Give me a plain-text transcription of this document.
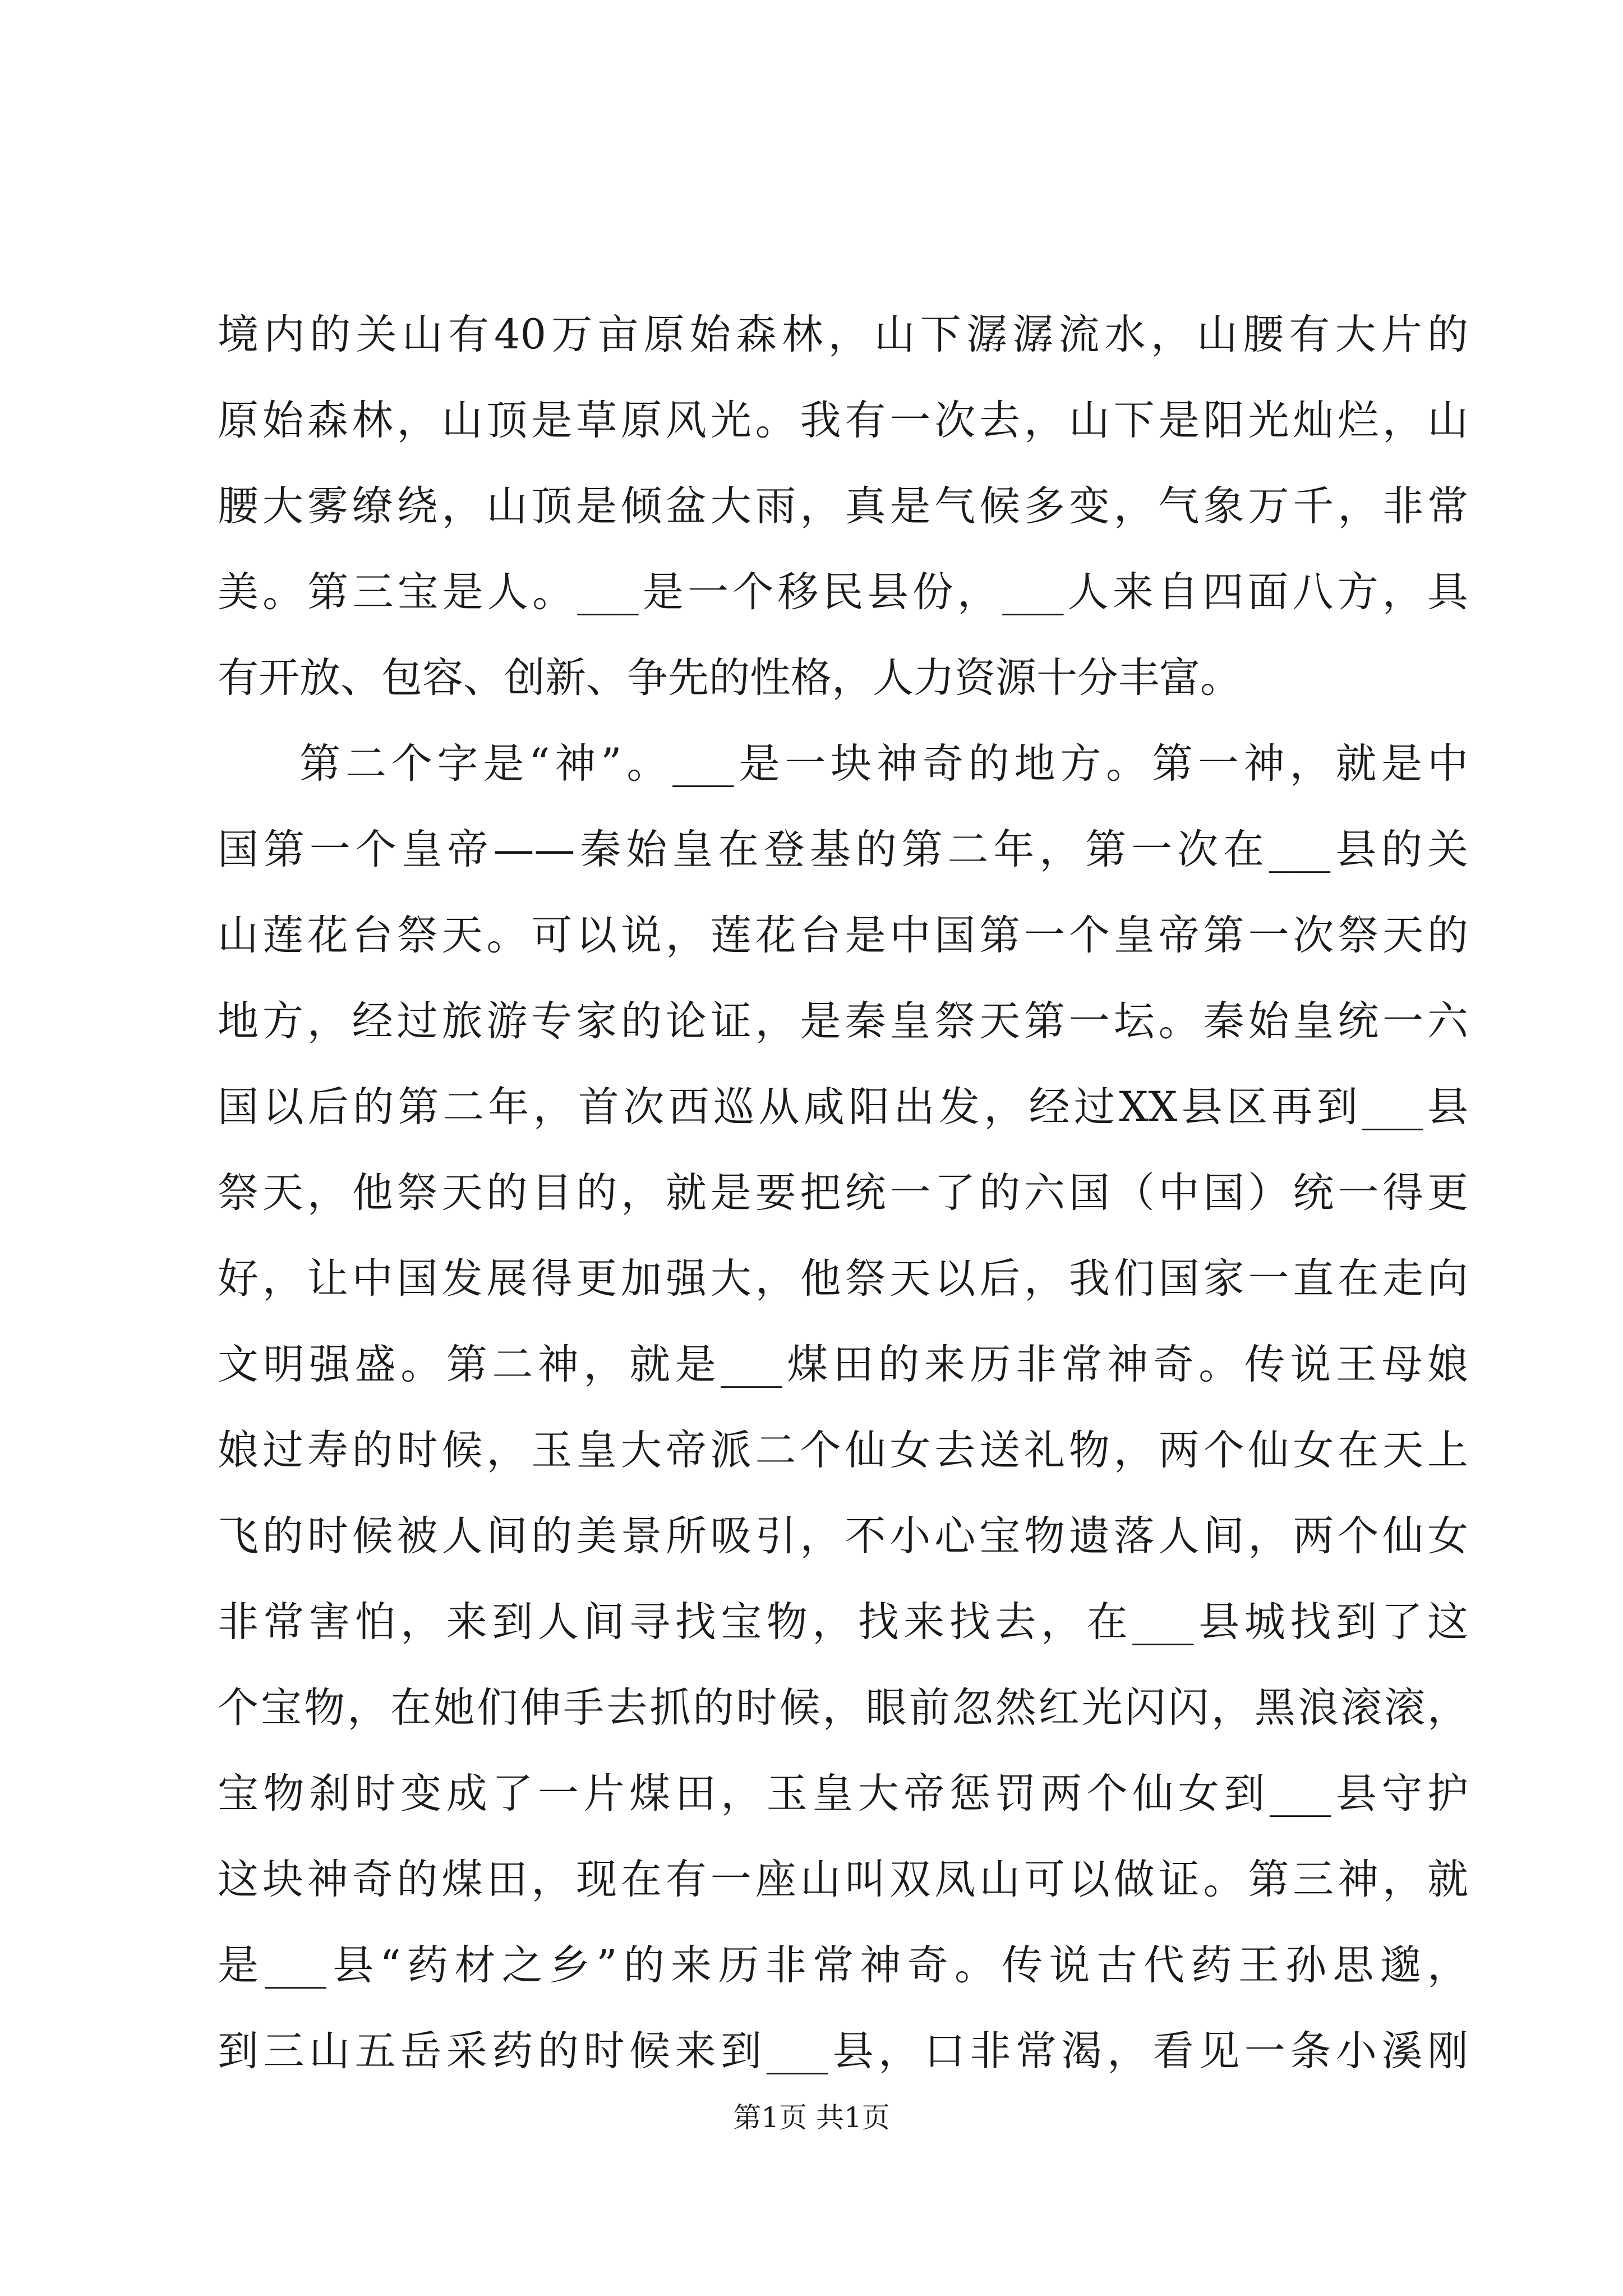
境内的关山有40万亩原始森林，山下潺潺流水，山腰有大片的
原始森林，山顶是草原风光。我有一次去，山下是阳光灿烂，山
腰大雾缭绕，山顶是倾盆大雨，真是气候多变，气象万千，非常
美。第三宝是人。___是一个移民县份，___人来自四面八方，具
有开放、包容、创新、争先的性格，人力资源十分丰富。
第二个字是“神”。___是一块神奇的地方。第一神，就是中
国第一个皇帝——秦始皇在登基的第二年，第一次在___县的关
山莲花台祭天。可以说，莲花台是中国第一个皇帝第一次祭天的
地方，经过旅游专家的论证，是秦皇祭天第一坛。秦始皇统一六
国以后的第二年，首次西巡从咸阳出发，经过XX县区再到___县
祭天，他祭天的目的，就是要把统一了的六国（中国）统一得更
好，让中国发展得更加强大，他祭天以后，我们国家一直在走向
文明强盛。第二神，就是___煤田的来历非常神奇。传说王母娘
娘过寿的时候，玉皇大帝派二个仙女去送礼物，两个仙女在天上
飞的时候被人间的美景所吸引，不小心宝物遗落人间，两个仙女
非常害怕，来到人间寻找宝物，找来找去，在___县城找到了这
个宝物，在她们伸手去抓的时候，眼前忽然红光闪闪，黑浪滚滚，
宝物刹时变成了一片煤田，玉皇大帝惩罚两个仙女到___县守护
这块神奇的煤田，现在有一座山叫双凤山可以做证。第三神，就
是___县“药材之乡”的来历非常神奇。传说古代药王孙思邈，
到三山五岳采药的时候来到___县，口非常渴，看见一条小溪刚
第1页 共1页
